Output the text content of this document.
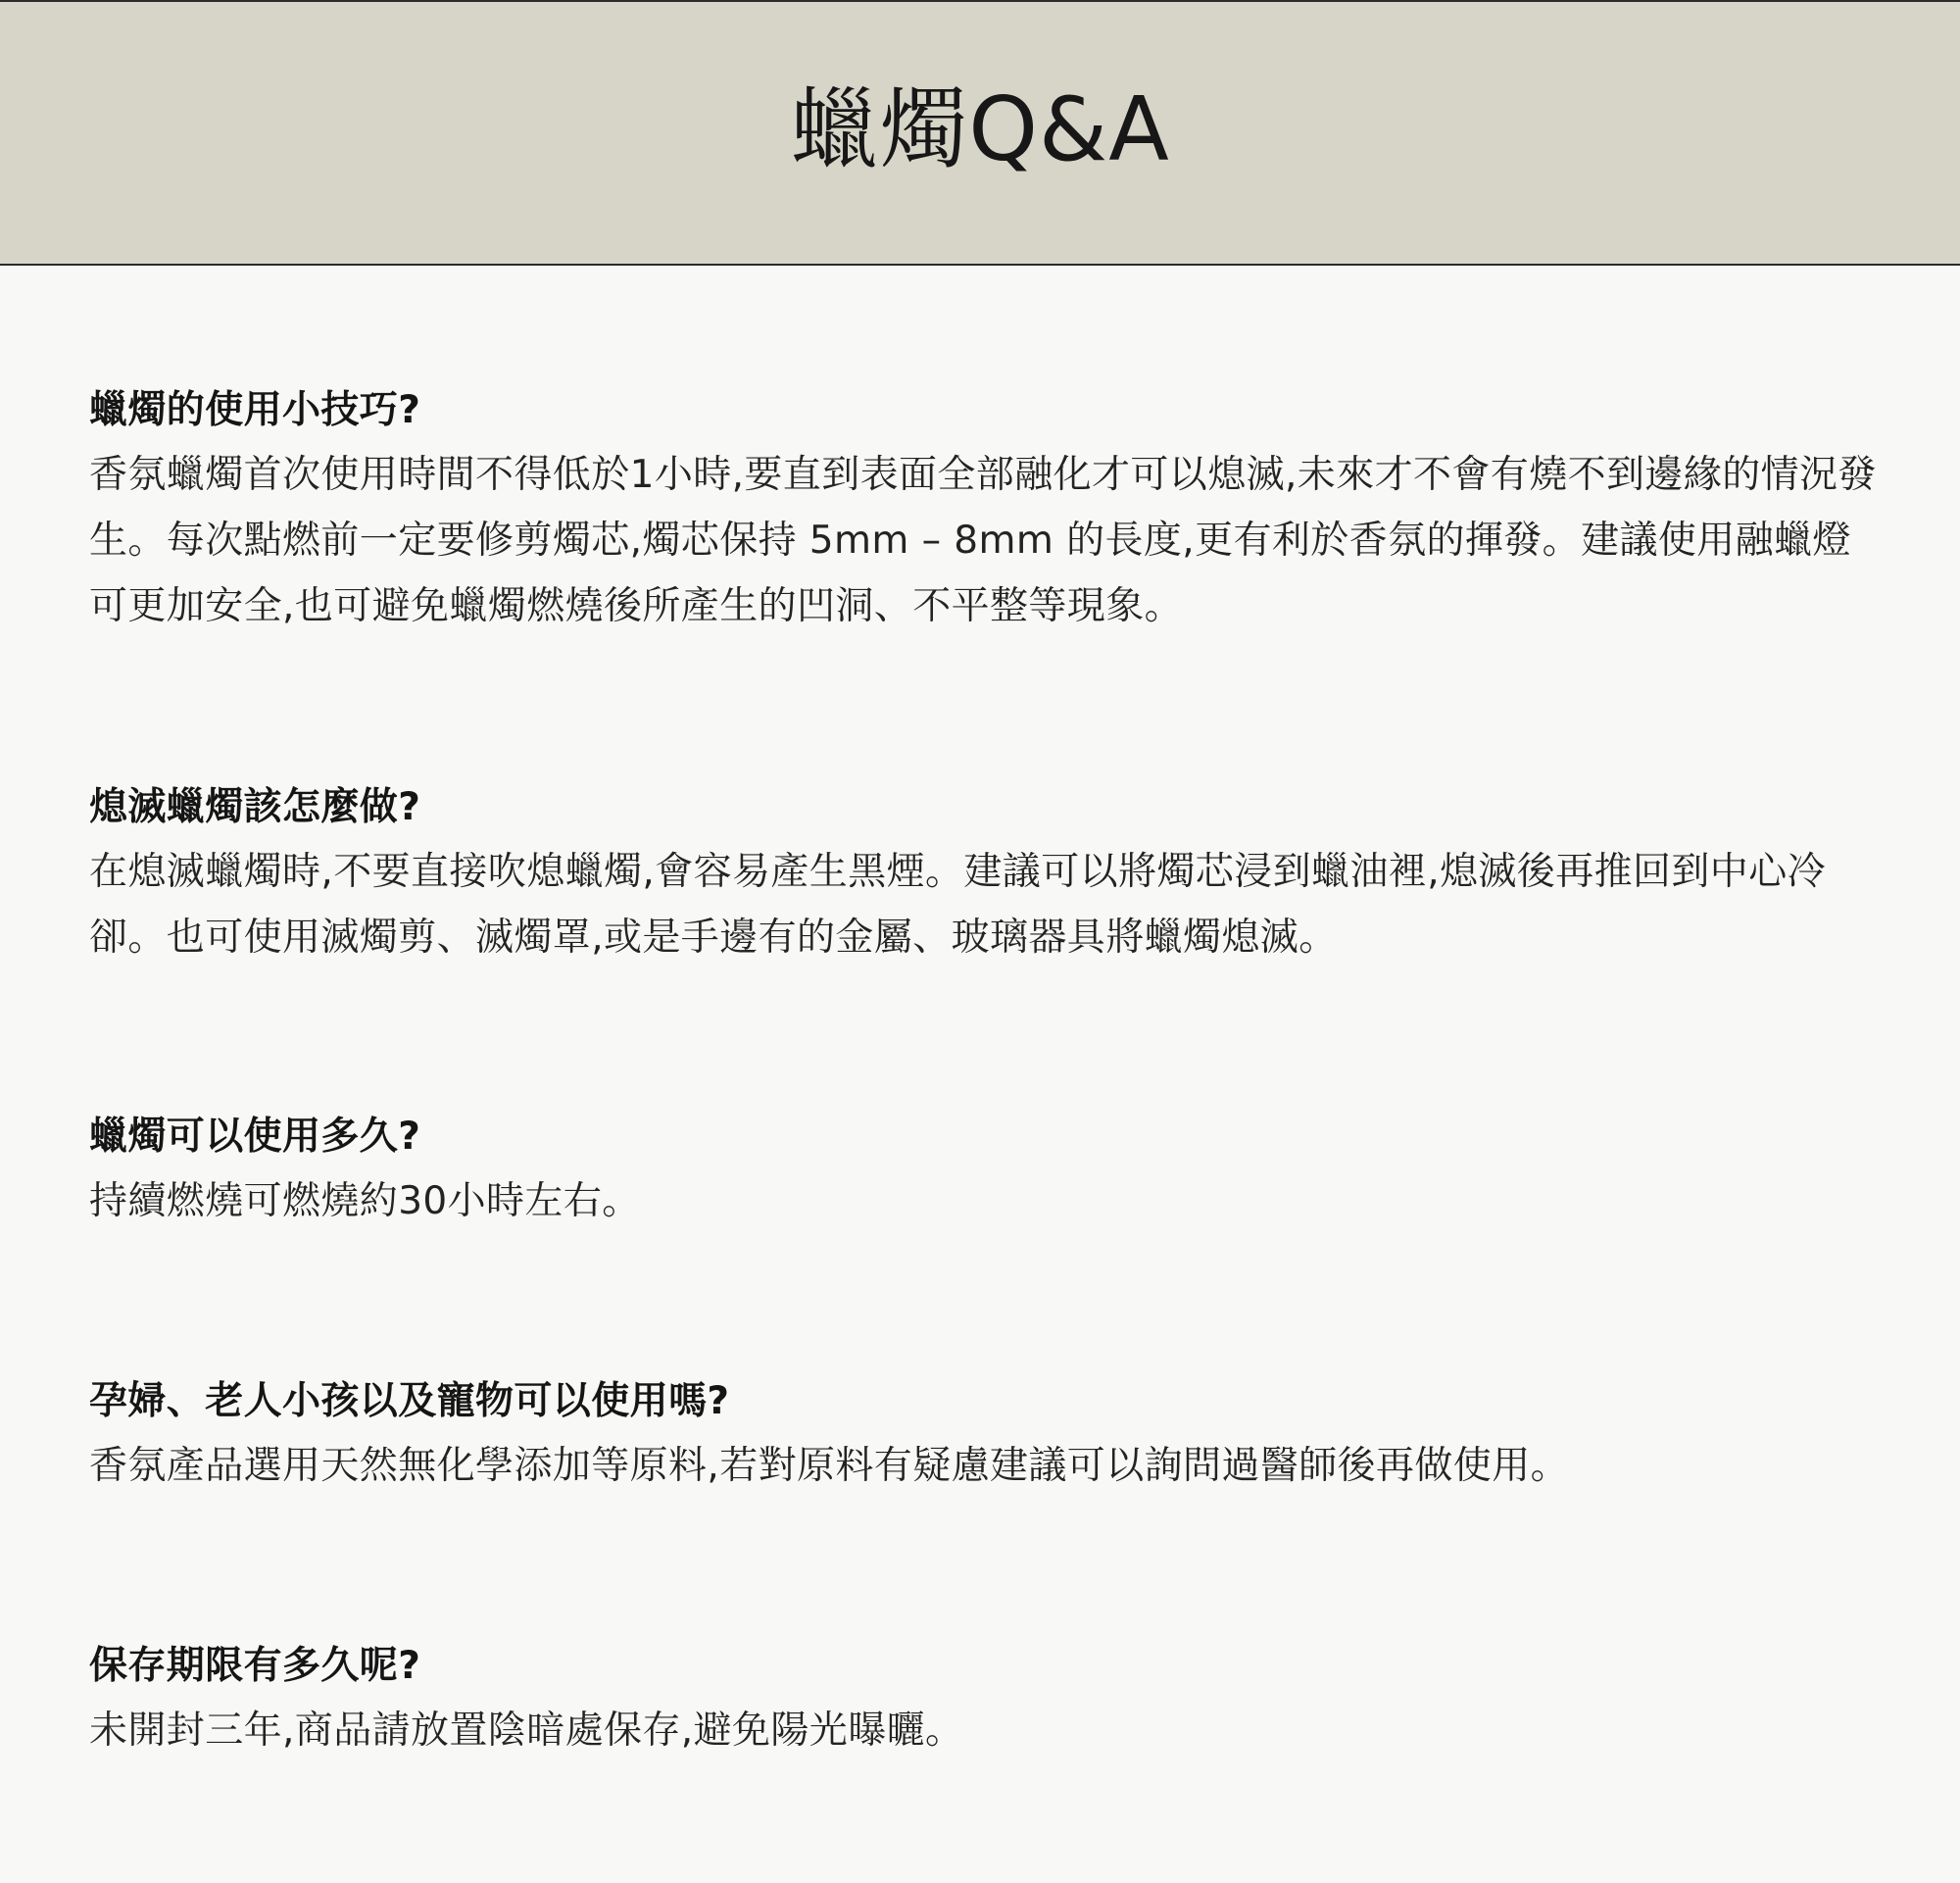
蠟燭Q&A
蠟燭的使用小技巧?

香氛蠟燭首次使用時間不得低於1小時,要直到表面全部融化才可以熄滅,未來才不會有燒不到邊緣的情況發生。每次點燃前一定要修剪燭芯,燭芯保持 5mm – 8mm 的長度,更有利於香氛的揮發。建議使用融蠟燈可更加安全,也可避免蠟燭燃燒後所產生的凹洞、不平整等現象。

熄滅蠟燭該怎麼做?

在熄滅蠟燭時,不要直接吹熄蠟燭,會容易產生黑煙。建議可以將燭芯浸到蠟油裡,熄滅後再推回到中心冷卻。也可使用滅燭剪、滅燭罩,或是手邊有的金屬、玻璃器具將蠟燭熄滅。

蠟燭可以使用多久?

持續燃燒可燃燒約30小時左右。

孕婦、老人小孩以及寵物可以使用嗎?

香氛產品選用天然無化學添加等原料,若對原料有疑慮建議可以詢問過醫師後再做使用。

保存期限有多久呢?

未開封三年,商品請放置陰暗處保存,避免陽光曝曬。
